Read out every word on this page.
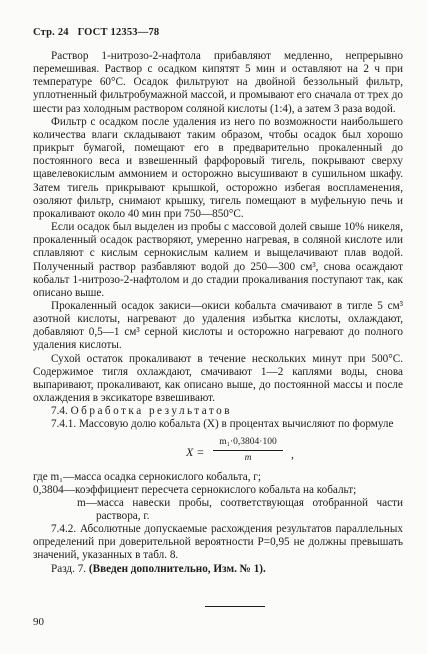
Стр. 24 ГОСТ 12353—78

Раствор 1-нитрозо-2-нафтола прибавляют медленно, непрерывно перемешивая. Раствор с осадком кипятят 5 мин и оставляют на 2 ч при температуре 60°С. Осадок фильтруют на двойной беззольный фильтр, уплотненный фильтробумажной массой, и промывают его сначала от трех до шести раз холодным раствором соляной кислоты (1:4), а затем 3 раза водой.

Фильтр с осадком после удаления из него по возможности наибольшего количества влаги складывают таким образом, чтобы осадок был хорошо прикрыт бумагой, помещают его в предварительно прокаленный до постоянного веса и взвешенный фарфоровый тигель, покрывают сверху щавелевокислым аммонием и осторожно высушивают в сушильном шкафу. Затем тигель прикрывают крышкой, осторожно избегая воспламенения, озоляют фильтр, снимают крышку, тигель помещают в муфельную печь и прокаливают около 40 мин при 750—850°С.

Если осадок был выделен из пробы с массовой долей свыше 10% никеля, прокаленный осадок растворяют, умеренно нагревая, в соляной кислоте или сплавляют с кислым сернокислым калием и выщелачивают плав водой. Полученный раствор разбавляют водой до 250—300 см³, снова осаждают кобальт 1-нитрозо-2-нафтолом и до стадии прокаливания поступают так, как описано выше.

Прокаленный осадок закиси—окиси кобальта смачивают в тигле 5 см³ азотной кислоты, нагревают до удаления избытка кислоты, охлаждают, добавляют 0,5—1 см³ серной кислоты и осторожно нагревают до полного удаления кислоты.

Сухой остаток прокаливают в течение нескольких минут при 500°С. Содержимое тигля охлаждают, смачивают 1—2 каплями воды, снова выпаривают, прокаливают, как описано выше, до постоянной массы и после охлаждения в эксикаторе взвешивают.

7.4. Обработка результатов

7.4.1. Массовую долю кобальта (X) в процентах вычисляют по формуле

$X = \frac{\text{m₁·0,3804·100}}{m}$ ,
где m₁ —масса осадка сернокислого кобальта, г;
0,3804 —коэффициент пересчета сернокислого кобальта на кобальт;
m—масса навески пробы, соответствующая отобранной части раствора, г.

7.4.2. Абсолютные допускаемые расхождения результатов параллельных определений при доверительной вероятности P=0,95 не должны превышать значений, указанных в табл. 8.

Разд. 7. (Введен дополнительно, Изм. № 1).

90
